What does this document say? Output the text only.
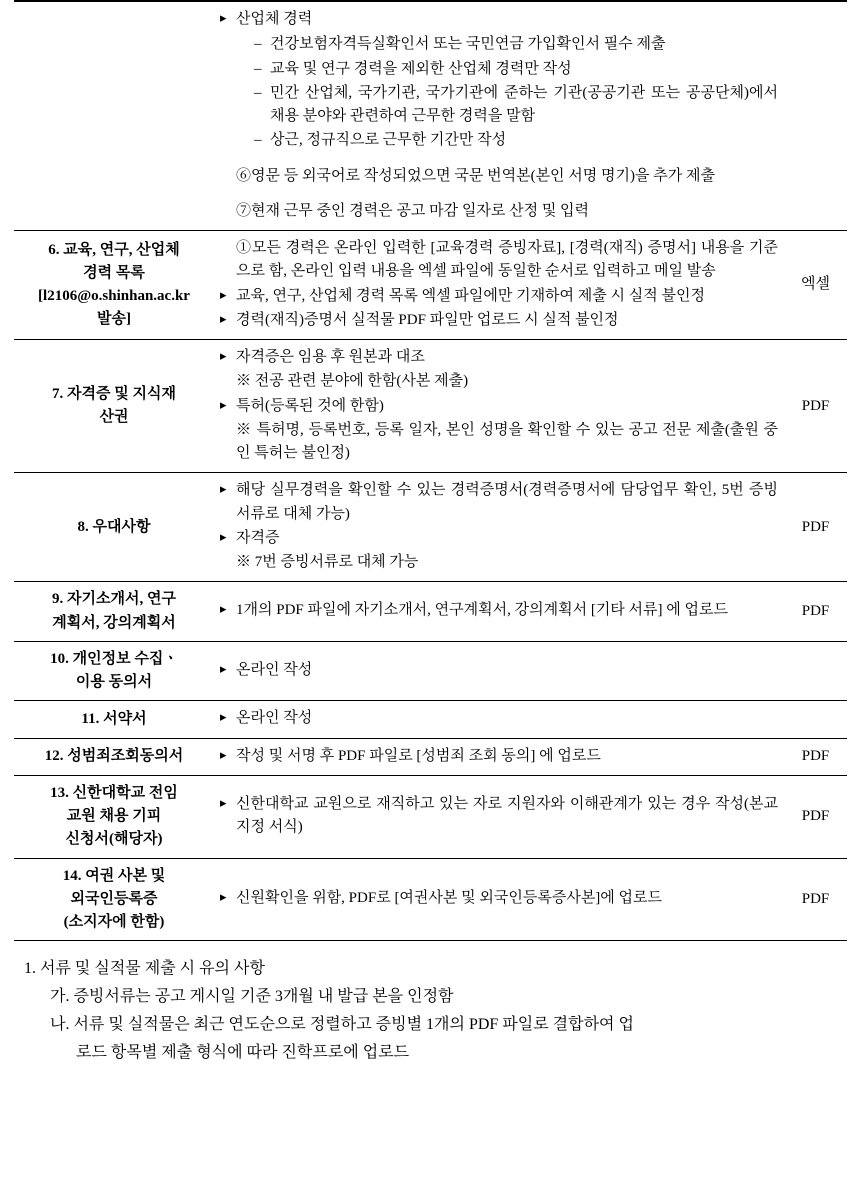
▸ 산업체 경력
– 건강보험자격득실확인서 또는 국민연금 가입확인서 필수 제출
– 교육 및 연구 경력을 제외한 산업체 경력만 작성
– 민간 산업체, 국가기관, 국가기관에 준하는 기관(공공기관 또는 공공단체)에서 채용 분야와 관련하여 근무한 경력을 말함
– 상근, 정규직으로 근무한 기간만 작성
⑥영문 등 외국어로 작성되었으면 국문 번역본(본인 서명 명기)을 추가 제출
⑦현재 근무 중인 경력은 공고 마감 일자로 산정 및 입력

6. 교육, 연구, 산업체
경력 목록
[l2106@o.shinhan.ac.kr
발송]

①모든 경력은 온라인 입력한 [교육경력 증빙자료], [경력(재직) 증명서] 내용을 기준으로 함, 온라인 입력 내용을 엑셀 파일에 동일한 순서로 입력하고 메일 발송
▸ 교육, 연구, 산업체 경력 목록 엑셀 파일에만 기재하여 제출 시 실적 불인정
▸ 경력(재직)증명서 실적물 PDF 파일만 업로드 시 실적 불인정
	엑셀

7. 자격증 및 지식재
산권

▸ 자격증은 임용 후 원본과 대조
※ 전공 관련 분야에 한함(사본 제출)
▸ 특허(등록된 것에 한함)
※ 특허명, 등록번호, 등록 일자, 본인 성명을 확인할 수 있는 공고 전문 제출(출원 중인 특허는 불인정)
	PDF

8. 우대사항

▸ 해당 실무경력을 확인할 수 있는 경력증명서(경력증명서에 담당업무 확인, 5번 증빙서류로 대체 가능)
▸ 자격증
※ 7번 증빙서류로 대체 가능
	PDF

9. 자기소개서, 연구
계획서, 강의계획서

▸ 1개의 PDF 파일에 자기소개서, 연구계획서, 강의계획서 [기타 서류] 에 업로드	PDF

10. 개인정보 수집ㆍ
이용 동의서

▸ 온라인 작성

11. 서약서

▸온라인 작성

12. 성범죄조회동의서

▸작성 및 서명 후 PDF 파일로 [성범죄 조회 동의] 에 업로드	PDF

13. 신한대학교 전임
교원 채용 기피
신청서(해당자)

▸ 신한대학교 교원으로 재직하고 있는 자로 지원자와 이해관계가 있는 경우 작성(본교 지정 서식)
	PDF

14. 여권 사본 및
외국인등록증
(소지자에 한함)

▸ 신원확인을 위함, PDF로 [여권사본 및 외국인등록증사본]에 업로드	PDF
1. 서류 및 실적물 제출 시 유의 사항
가. 증빙서류는 공고 게시일 기준 3개월 내 발급 본을 인정함
나. 서류 및 실적물은 최근 연도순으로 정렬하고 증빙별 1개의 PDF 파일로 결합하여 업
로드 항목별 제출 형식에 따라 진학프로에 업로드
